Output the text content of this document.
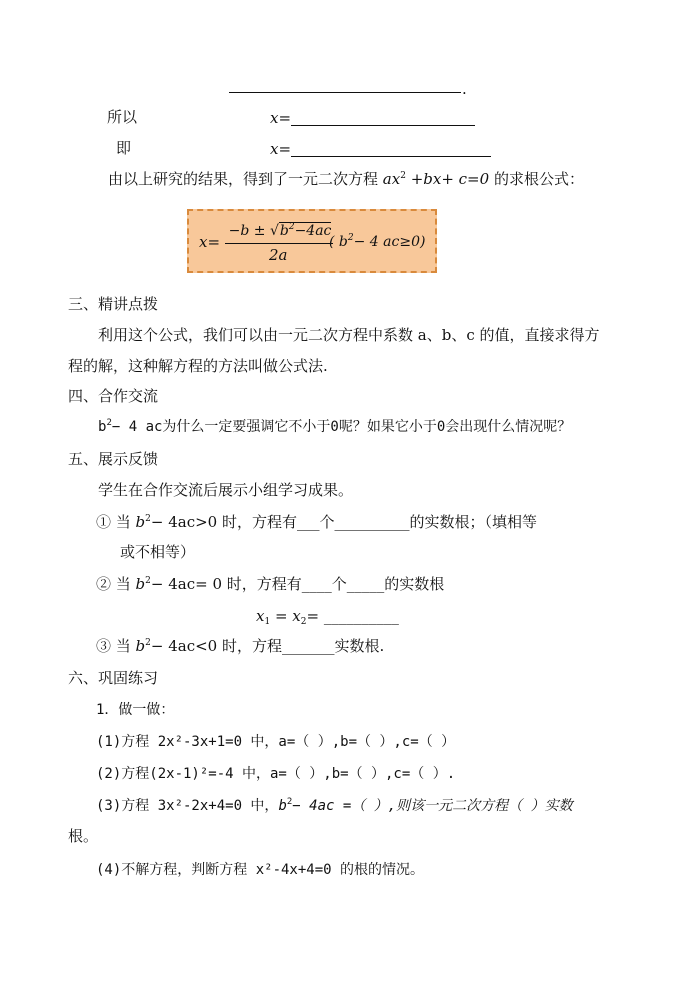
.
所以	x=
即	x=
由以上研究的结果，得到了一元二次方程 $ax^2 +bx+ c=0$ 的求根公式：
x=
$-b \pm √b^2-4ac$
2a
( $b^2- 4$ ac≥0)
三、精讲点拨
利用这个公式，我们可以由一元二次方程中系数 a、b、c 的值，直接求得方
程的解，这种解方程的方法叫做公式法.
四、合作交流
$b^2- 4$ ac为什么一定要强调它不小于0呢？如果它小于0会出现什么情况呢？
五、展示反馈
学生在合作交流后展示小组学习成果。
① 当 $b^2- 4ac>0$ 时，方程有___个__________的实数根；（填相等
或不相等）
② 当 $b^2- 4ac= 0$ 时，方程有____个_____的实数根
$x_1 = x_2=$ __________
③ 当 $b^2- 4ac<0$ 时，方程_______实数根.
六、巩固练习
1．做一做：
(1)方程 2x²-3x+1=0 中，a=（ ）,b=（ ）,c=（ ）
(2)方程(2x-1)²=-4 中，a=（ ）,b=（ ）,c=（ ）.
(3)方程 3x²-2x+4=0 中，$b^2- 4ac$ =（ ）,则该一元二次方程（ ）实数
根。
(4)不解方程，判断方程 x²-4x+4=0 的根的情况。
